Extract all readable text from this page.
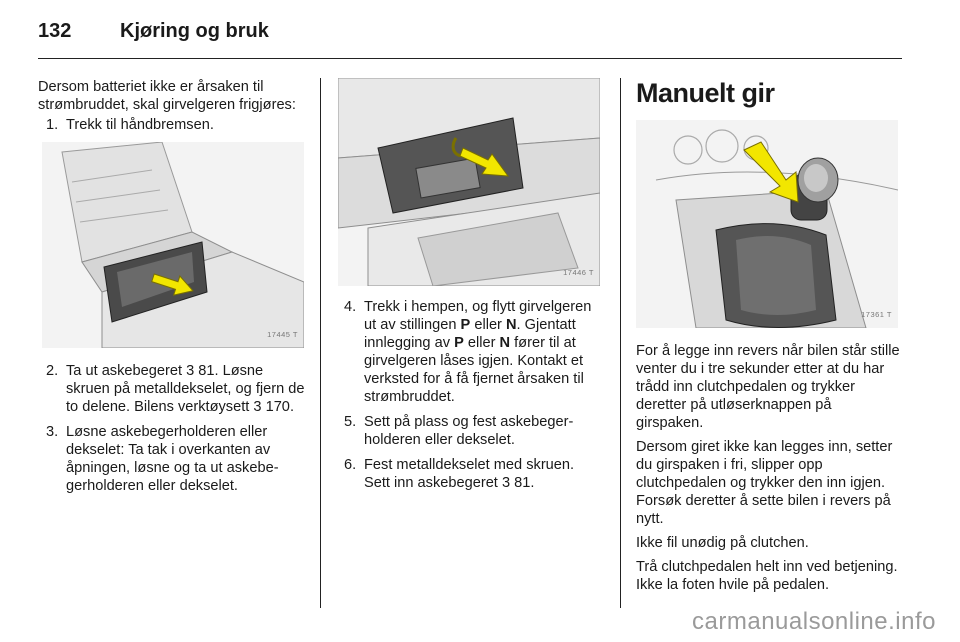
132	Kjøring og bruk

Dersom batteriet ikke er årsaken til strømbruddet, skal girvelgeren frigjøres:

1. Trekk til håndbremsen.
17445 T
2. Ta ut askebegeret 3 81. Løsne skruen på metalldekselet, og fjern de to delene. Bilens verktøysett 3 170.
3. Løsne askebegerholderen eller dekselet: Ta tak i overkanten av åpningen, løsne og ta ut askebegerholderen eller dekselet.
17446 T
4. Trekk i hempen, og flytt girvelgeren ut av stillingen P eller N. Gjentatt innlegging av P eller N fører til at girvelgeren låses igjen. Kontakt et verksted for å få fjernet årsaken til strømbruddet.
5. Sett på plass og fest askebegerholderen eller dekselet.
6. Fest metalldekselet med skruen. Sett inn askebegeret 3 81.
Manuelt gir
17361 T

For å legge inn revers når bilen står stille venter du i tre sekunder etter at du har trådd inn clutchpedalen og trykker deretter på utløserknappen på girspaken.

Dersom giret ikke kan legges inn, setter du girspaken i fri, slipper opp clutchpedalen og trykker den inn igjen. Forsøk deretter å sette bilen i revers på nytt.

Ikke fil unødig på clutchen.

Trå clutchpedalen helt inn ved betjening. Ikke la foten hvile på pedalen.

carmanualsonline.info
